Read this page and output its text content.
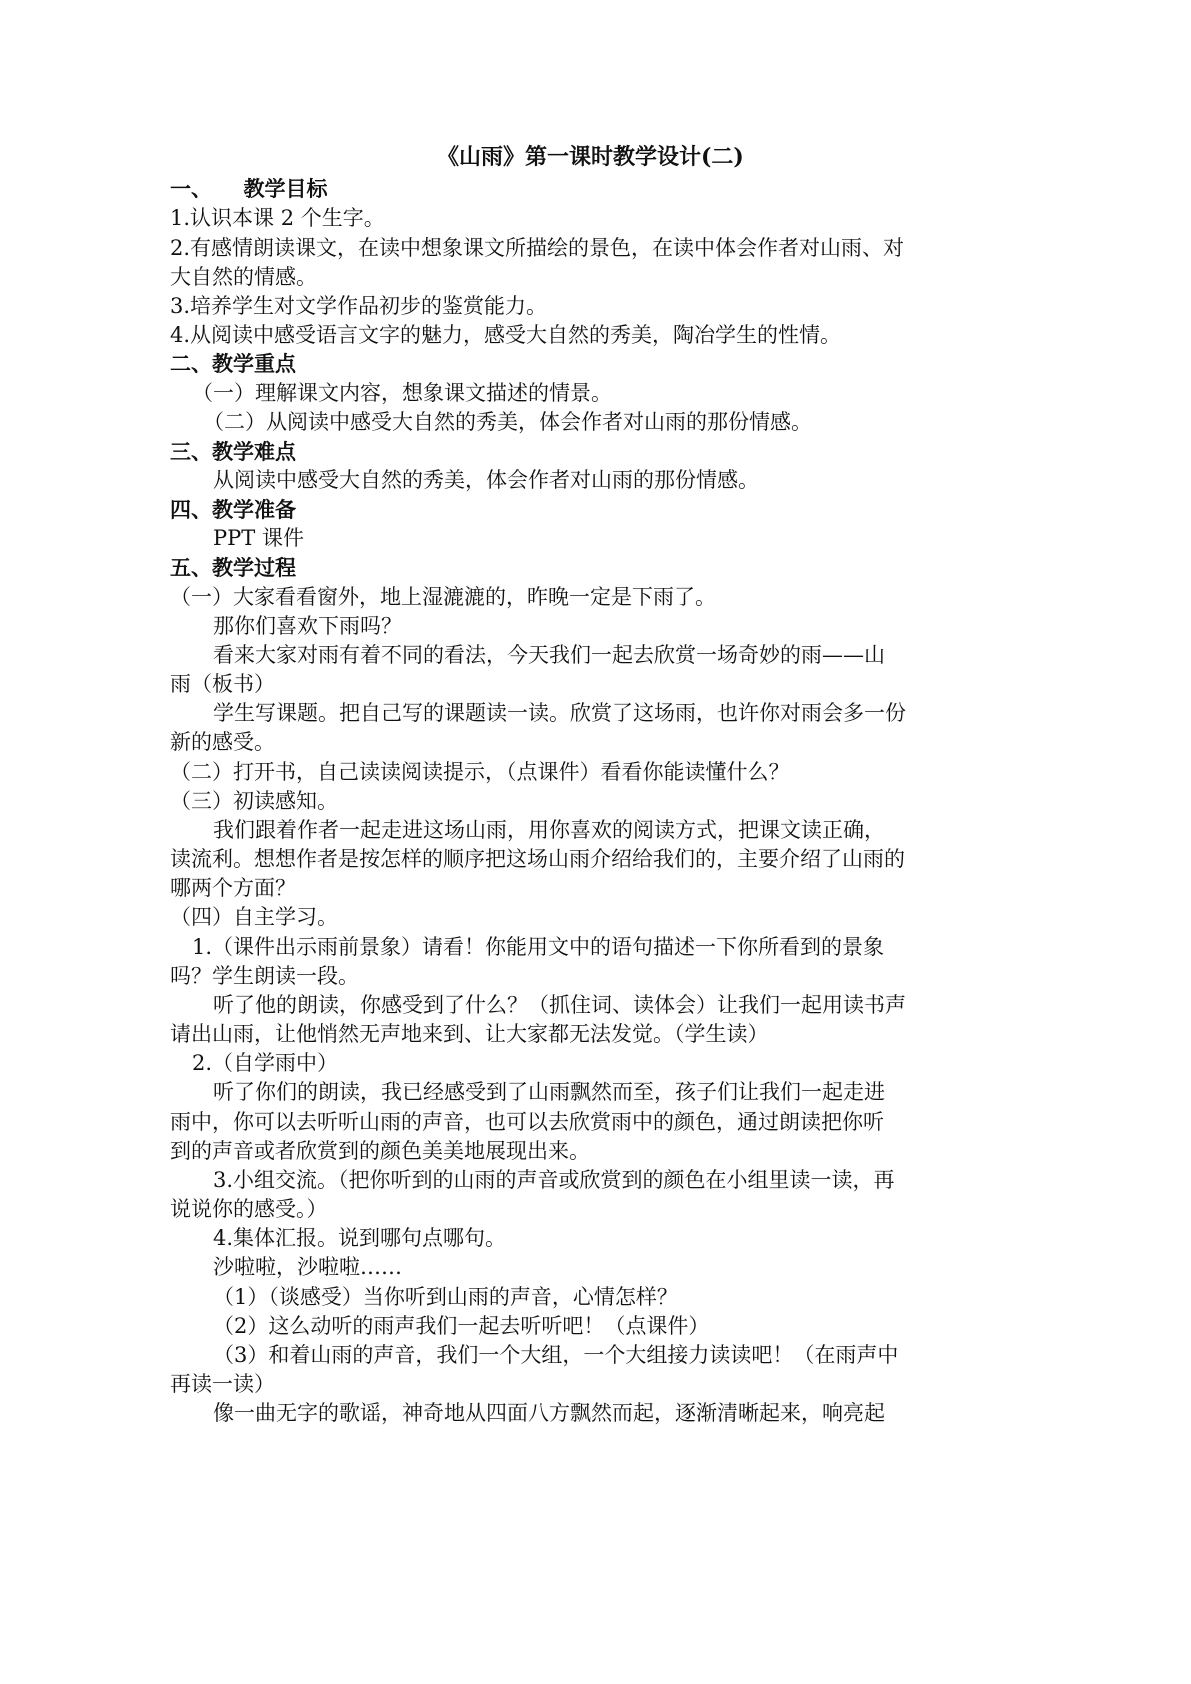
《山雨》第一课时教学设计(二)
一、　　教学目标
1.认识本课 2 个生字。
2.有感情朗读课文，在读中想象课文所描绘的景色，在读中体会作者对山雨、对
大自然的情感。
3.培养学生对文学作品初步的鉴赏能力。
4.从阅读中感受语言文字的魅力，感受大自然的秀美，陶冶学生的性情。
二、教学重点
（一）理解课文内容，想象课文描述的情景。
（二）从阅读中感受大自然的秀美，体会作者对山雨的那份情感。
三、教学难点
从阅读中感受大自然的秀美，体会作者对山雨的那份情感。
四、教学准备
PPT 课件
五、教学过程
（一）大家看看窗外，地上湿漉漉的，昨晚一定是下雨了。
那你们喜欢下雨吗？
看来大家对雨有着不同的看法，今天我们一起去欣赏一场奇妙的雨——山
雨（板书）
学生写课题。把自己写的课题读一读。欣赏了这场雨，也许你对雨会多一份
新的感受。
（二）打开书，自己读读阅读提示，（点课件）看看你能读懂什么？
（三）初读感知。
我们跟着作者一起走进这场山雨，用你喜欢的阅读方式，把课文读正确，
读流利。想想作者是按怎样的顺序把这场山雨介绍给我们的，主要介绍了山雨的
哪两个方面？
（四）自主学习。
1.（课件出示雨前景象）请看！你能用文中的语句描述一下你所看到的景象
吗？学生朗读一段。
听了他的朗读，你感受到了什么？（抓住词、读体会）让我们一起用读书声
请出山雨，让他悄然无声地来到、让大家都无法发觉。（学生读）
2.（自学雨中）
听了你们的朗读，我已经感受到了山雨飘然而至，孩子们让我们一起走进
雨中，你可以去听听山雨的声音，也可以去欣赏雨中的颜色，通过朗读把你听
到的声音或者欣赏到的颜色美美地展现出来。
3.小组交流。（把你听到的山雨的声音或欣赏到的颜色在小组里读一读，再
说说你的感受。）
4.集体汇报。说到哪句点哪句。
沙啦啦，沙啦啦……
（1）（谈感受）当你听到山雨的声音，心情怎样？
（2）这么动听的雨声我们一起去听听吧！（点课件）
（3）和着山雨的声音，我们一个大组，一个大组接力读读吧！（在雨声中
再读一读）
像一曲无字的歌谣，神奇地从四面八方飘然而起，逐渐清晰起来，响亮起
